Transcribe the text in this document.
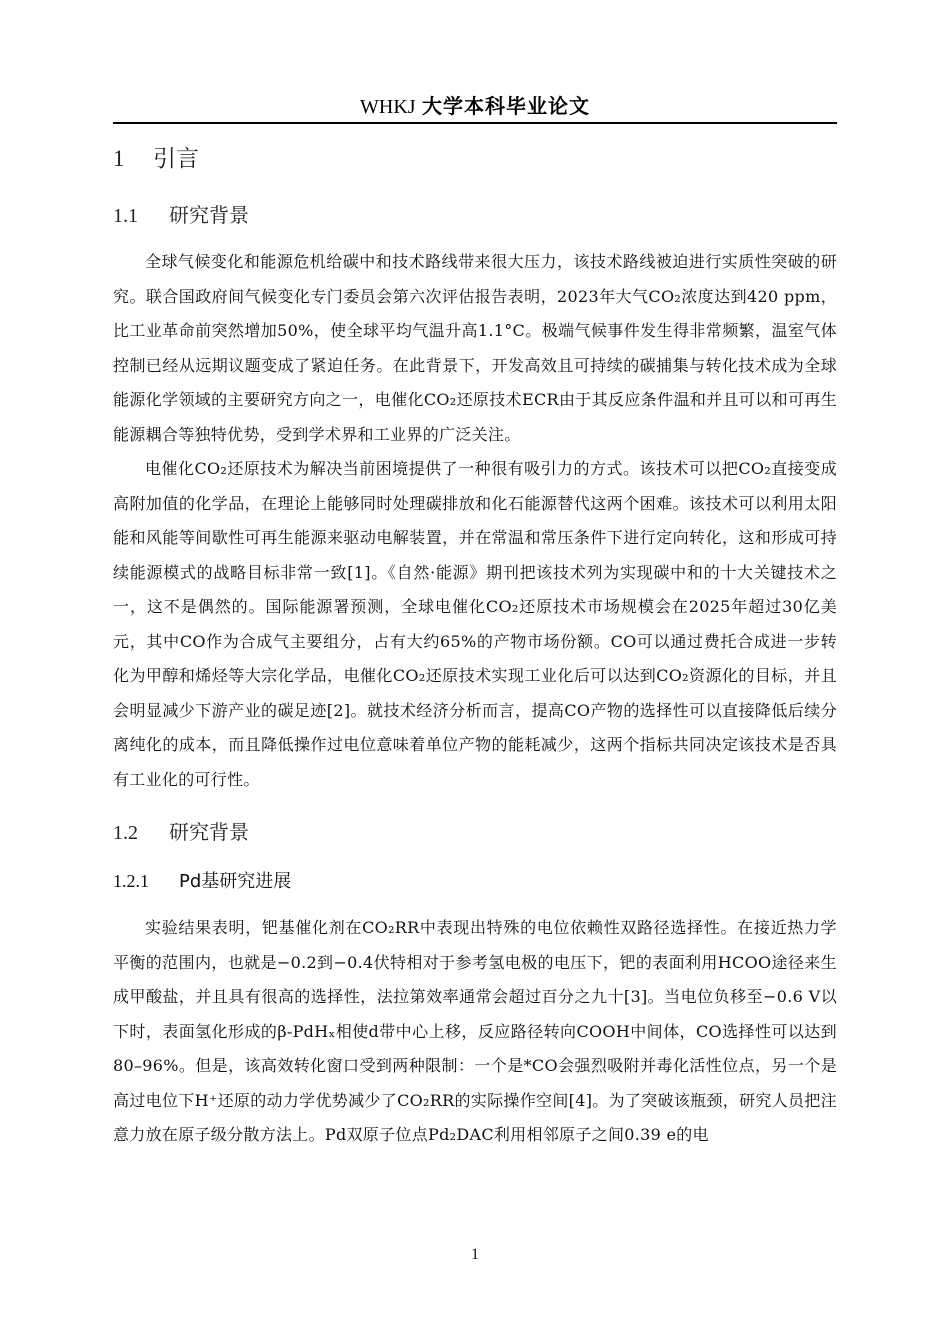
WHKJ 大学本科毕业论文
1 引言
1.1 研究背景

全球气候变化和能源危机给碳中和技术路线带来很大压力，该技术路线被迫进行实质性突破的研究。联合国政府间气候变化专门委员会第六次评估报告表明，2023年大气CO₂浓度达到420 ppm，比工业革命前突然增加50%，使全球平均气温升高1.1°C。极端气候事件发生得非常频繁，温室气体控制已经从远期议题变成了紧迫任务。在此背景下，开发高效且可持续的碳捕集与转化技术成为全球能源化学领域的主要研究方向之一，电催化CO₂还原技术ECR由于其反应条件温和并且可以和可再生能源耦合等独特优势，受到学术界和工业界的广泛关注。

电催化CO₂还原技术为解决当前困境提供了一种很有吸引力的方式。该技术可以把CO₂直接变成高附加值的化学品，在理论上能够同时处理碳排放和化石能源替代这两个困难。该技术可以利用太阳能和风能等间歇性可再生能源来驱动电解装置，并在常温和常压条件下进行定向转化，这和形成可持续能源模式的战略目标非常一致[1]。《自然·能源》期刊把该技术列为实现碳中和的十大关键技术之一，这不是偶然的。国际能源署预测，全球电催化CO₂还原技术市场规模会在2025年超过30亿美元，其中CO作为合成气主要组分，占有大约65%的产物市场份额。CO可以通过费托合成进一步转化为甲醇和烯烃等大宗化学品，电催化CO₂还原技术实现工业化后可以达到CO₂资源化的目标，并且会明显减少下游产业的碳足迹[2]。就技术经济分析而言，提高CO产物的选择性可以直接降低后续分离纯化的成本，而且降低操作过电位意味着单位产物的能耗减少，这两个指标共同决定该技术是否具有工业化的可行性。

1.2 研究背景
1.2.1 Pd基研究进展

实验结果表明，钯基催化剂在CO₂RR中表现出特殊的电位依赖性双路径选择性。在接近热力学平衡的范围内，也就是−0.2到−0.4伏特相对于参考氢电极的电压下，钯的表面利用HCOO途径来生成甲酸盐，并且具有很高的选择性，法拉第效率通常会超过百分之九十[3]。当电位负移至−0.6 V以下时，表面氢化形成的β-PdHₓ相使d带中心上移，反应路径转向COOH中间体，CO选择性可以达到80–96%。但是，该高效转化窗口受到两种限制：一个是*CO会强烈吸附并毒化活性位点，另一个是高过电位下H⁺还原的动力学优势减少了CO₂RR的实际操作空间[4]。为了突破该瓶颈，研究人员把注意力放在原子级分散方法上。Pd双原子位点Pd₂DAC利用相邻原子之间0.39 e的电

1
